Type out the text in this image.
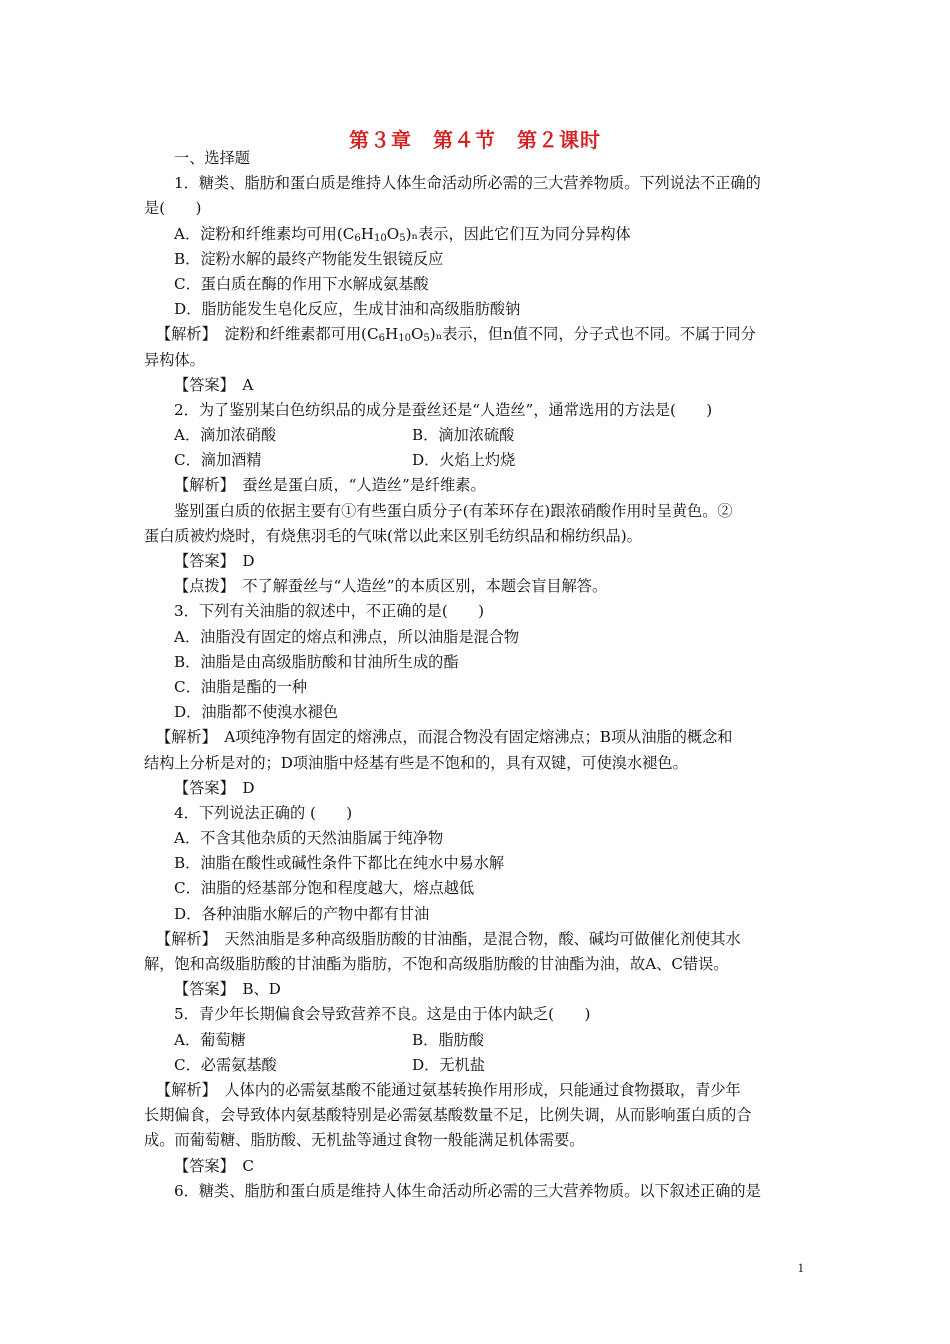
第３章　第４节　第２课时
一、选择题
1．糖类、脂肪和蛋白质是维持人体生命活动所必需的三大营养物质。下列说法不正确的
是(　　)
A．淀粉和纤维素均可用$(C_6H_{10}O_5)_n$表示，因此它们互为同分异构体
B．淀粉水解的最终产物能发生银镜反应
C．蛋白质在酶的作用下水解成氨基酸
D．脂肪能发生皂化反应，生成甘油和高级脂肪酸钠
【解析】　淀粉和纤维素都可用$(C_6H_{10}O_5)_n$表示，但n值不同，分子式也不同。不属于同分
异构体。
【答案】　A
2．为了鉴别某白色纺织品的成分是蚕丝还是“人造丝”，通常选用的方法是(　　)
A．滴加浓硝酸	B．滴加浓硫酸
C．滴加酒精	D．火焰上灼烧
【解析】　蚕丝是蛋白质，“人造丝”是纤维素。
鉴别蛋白质的依据主要有①有些蛋白质分子(有苯环存在)跟浓硝酸作用时呈黄色。②
蛋白质被灼烧时，有烧焦羽毛的气味(常以此来区别毛纺织品和棉纺织品)。
【答案】　D
【点拨】　不了解蚕丝与“人造丝”的本质区别，本题会盲目解答。
3．下列有关油脂的叙述中，不正确的是(　　)
A．油脂没有固定的熔点和沸点，所以油脂是混合物
B．油脂是由高级脂肪酸和甘油所生成的酯
C．油脂是酯的一种
D．油脂都不使溴水褪色
【解析】　A项纯净物有固定的熔沸点，而混合物没有固定熔沸点；B项从油脂的概念和
结构上分析是对的；D项油脂中烃基有些是不饱和的，具有双键，可使溴水褪色。
【答案】　D
4．下列说法正确的 (　　)
A．不含其他杂质的天然油脂属于纯净物
B．油脂在酸性或碱性条件下都比在纯水中易水解
C．油脂的烃基部分饱和程度越大，熔点越低
D．各种油脂水解后的产物中都有甘油
【解析】　天然油脂是多种高级脂肪酸的甘油酯，是混合物，酸、碱均可做催化剂使其水
解，饱和高级脂肪酸的甘油酯为脂肪，不饱和高级脂肪酸的甘油酯为油，故A、C错误。
【答案】　B、D
5．青少年长期偏食会导致营养不良。这是由于体内缺乏(　　)
A．葡萄糖	B．脂肪酸
C．必需氨基酸	D．无机盐
【解析】　人体内的必需氨基酸不能通过氨基转换作用形成，只能通过食物摄取，青少年
长期偏食，会导致体内氨基酸特别是必需氨基酸数量不足，比例失调，从而影响蛋白质的合
成。而葡萄糖、脂肪酸、无机盐等通过食物一般能满足机体需要。
【答案】　C
6．糖类、脂肪和蛋白质是维持人体生命活动所必需的三大营养物质。以下叙述正确的是
1
